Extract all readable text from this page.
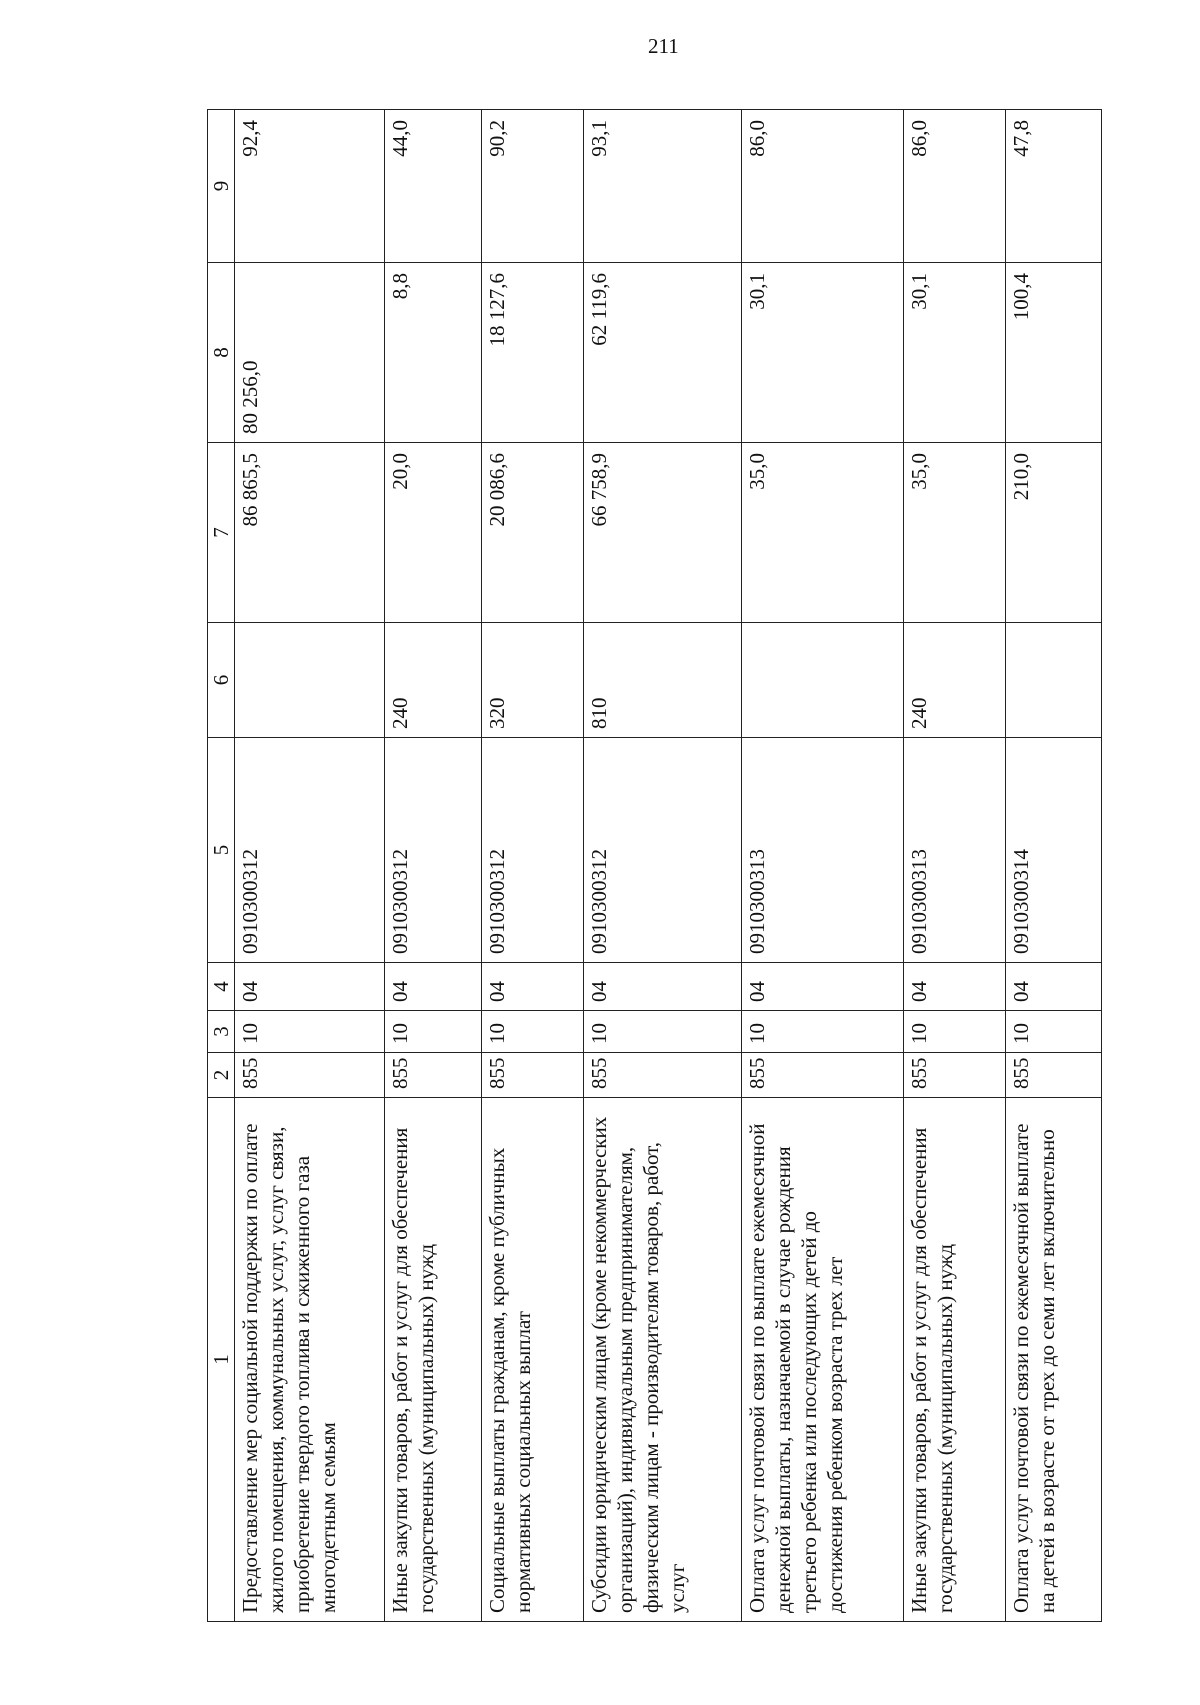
211
1	2	3	4	5	6	7	8	9
Предоставление мер социальной поддержки по оплате жилого помещения, коммунальных услуг, услуг связи, приобретение твердого топлива и сжиженного газа многодетным семьям	855	10	04	0910300312		86 865,5	80 256,0	92,4
Иные закупки товаров, работ и услуг для обеспечения государственных (муниципальных) нужд	855	10	04	0910300312	240	20,0	8,8	44,0
Социальные выплаты гражданам, кроме публичных нормативных социальных выплат	855	10	04	0910300312	320	20 086,6	18 127,6	90,2
Субсидии юридическим лицам (кроме некоммерческих организаций), индивидуальным предпринимателям, физическим лицам - производителям товаров, работ, услуг	855	10	04	0910300312	810	66 758,9	62 119,6	93,1
Оплата услуг почтовой связи по выплате ежемесячной денежной выплаты, назначаемой в случае рождения третьего ребенка или последующих детей до достижения ребенком возраста трех лет	855	10	04	0910300313		35,0	30,1	86,0
Иные закупки товаров, работ и услуг для обеспечения государственных (муниципальных) нужд	855	10	04	0910300313	240	35,0	30,1	86,0
Оплата услуг почтовой связи по ежемесячной выплате на детей в возрасте от трех до семи лет включительно	855	10	04	0910300314		210,0	100,4	47,8
